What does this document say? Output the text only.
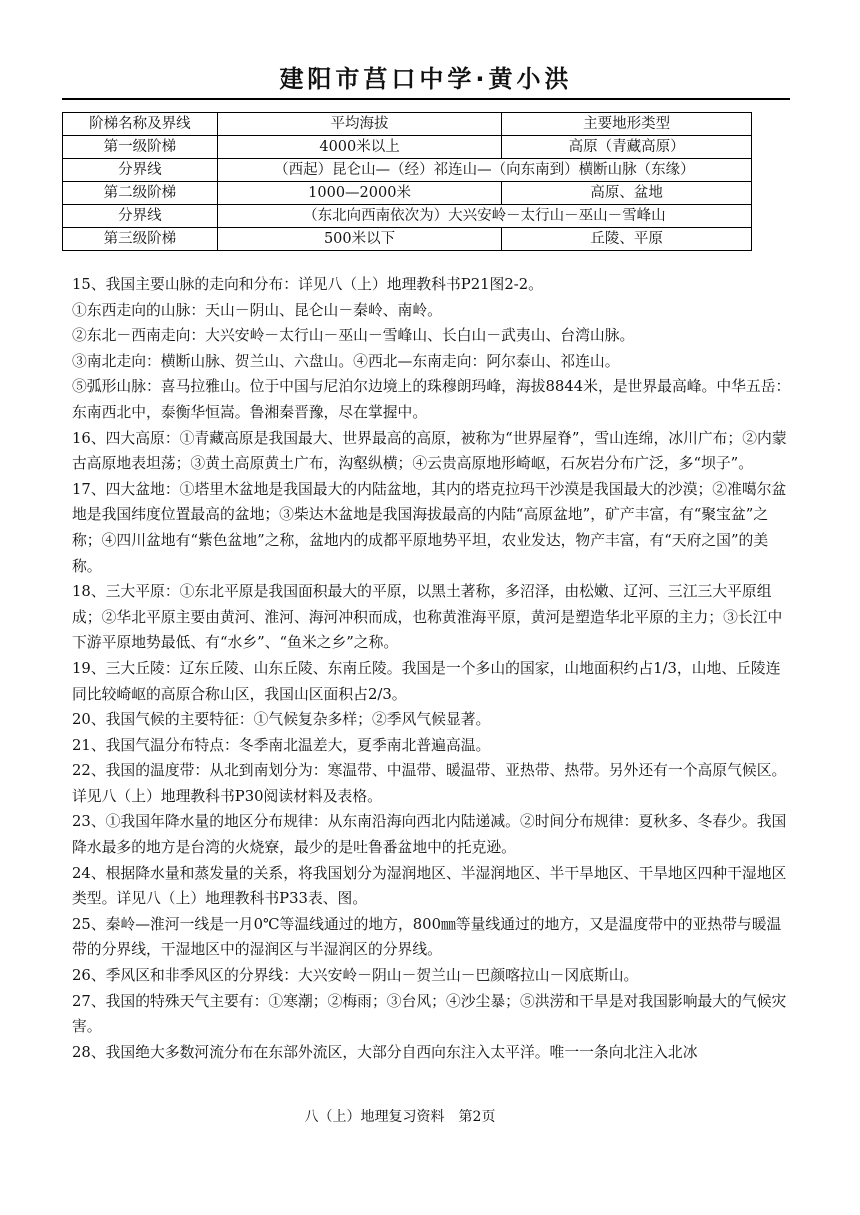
建阳市莒口中学·黄小洪
阶梯名称及界线	平均海拔	主要地形类型
第一级阶梯	4000米以上	高原（青藏高原）
分界线	（西起）昆仑山—（经）祁连山—（向东南到）横断山脉（东缘）	
第二级阶梯	1000—2000米	高原、盆地
分界线	（东北向西南依次为）大兴安岭－太行山－巫山－雪峰山	
第三级阶梯	500米以下	丘陵、平原

15、我国主要山脉的走向和分布：详见八（上）地理教科书P21图2-2。

①东西走向的山脉：天山－阴山、昆仑山－秦岭、南岭。

②东北－西南走向：大兴安岭－太行山－巫山－雪峰山、长白山－武夷山、台湾山脉。

③南北走向：横断山脉、贺兰山、六盘山。④西北—东南走向：阿尔泰山、祁连山。

⑤弧形山脉：喜马拉雅山。位于中国与尼泊尔边境上的珠穆朗玛峰，海拔8844米，是世界最高峰。中华五岳：东南西北中，泰衡华恒嵩。鲁湘秦晋豫，尽在掌握中。

16、四大高原：①青藏高原是我国最大、世界最高的高原，被称为“世界屋脊”，雪山连绵，冰川广布；②内蒙古高原地表坦荡；③黄土高原黄土广布，沟壑纵横；④云贵高原地形崎岖，石灰岩分布广泛，多“坝子”。

17、四大盆地：①塔里木盆地是我国最大的内陆盆地，其内的塔克拉玛干沙漠是我国最大的沙漠；②准噶尔盆地是我国纬度位置最高的盆地；③柴达木盆地是我国海拔最高的内陆“高原盆地”，矿产丰富，有“聚宝盆”之称；④四川盆地有“紫色盆地”之称，盆地内的成都平原地势平坦，农业发达，物产丰富，有“天府之国”的美称。

18、三大平原：①东北平原是我国面积最大的平原，以黑土著称，多沼泽，由松嫩、辽河、三江三大平原组成；②华北平原主要由黄河、淮河、海河冲积而成，也称黄淮海平原，黄河是塑造华北平原的主力；③长江中下游平原地势最低、有“水乡”、“鱼米之乡”之称。

19、三大丘陵：辽东丘陵、山东丘陵、东南丘陵。我国是一个多山的国家，山地面积约占1/3，山地、丘陵连同比较崎岖的高原合称山区，我国山区面积占2/3。

20、我国气候的主要特征：①气候复杂多样；②季风气候显著。

21、我国气温分布特点：冬季南北温差大，夏季南北普遍高温。

22、我国的温度带：从北到南划分为：寒温带、中温带、暖温带、亚热带、热带。另外还有一个高原气候区。详见八（上）地理教科书P30阅读材料及表格。

23、①我国年降水量的地区分布规律：从东南沿海向西北内陆递减。②时间分布规律：夏秋多、冬春少。我国降水最多的地方是台湾的火烧寮，最少的是吐鲁番盆地中的托克逊。

24、根据降水量和蒸发量的关系，将我国划分为湿润地区、半湿润地区、半干旱地区、干旱地区四种干湿地区类型。详见八（上）地理教科书P33表、图。

25、秦岭—淮河一线是一月0℃等温线通过的地方，800㎜等量线通过的地方，又是温度带中的亚热带与暖温带的分界线，干湿地区中的湿润区与半湿润区的分界线。

26、季风区和非季风区的分界线：大兴安岭－阴山－贺兰山－巴颜喀拉山－冈底斯山。

27、我国的特殊天气主要有：①寒潮；②梅雨；③台风；④沙尘暴；⑤洪涝和干旱是对我国影响最大的气候灾害。

28、我国绝大多数河流分布在东部外流区，大部分自西向东注入太平洋。唯一一条向北注入北冰

八（上）地理复习资料　第2页
